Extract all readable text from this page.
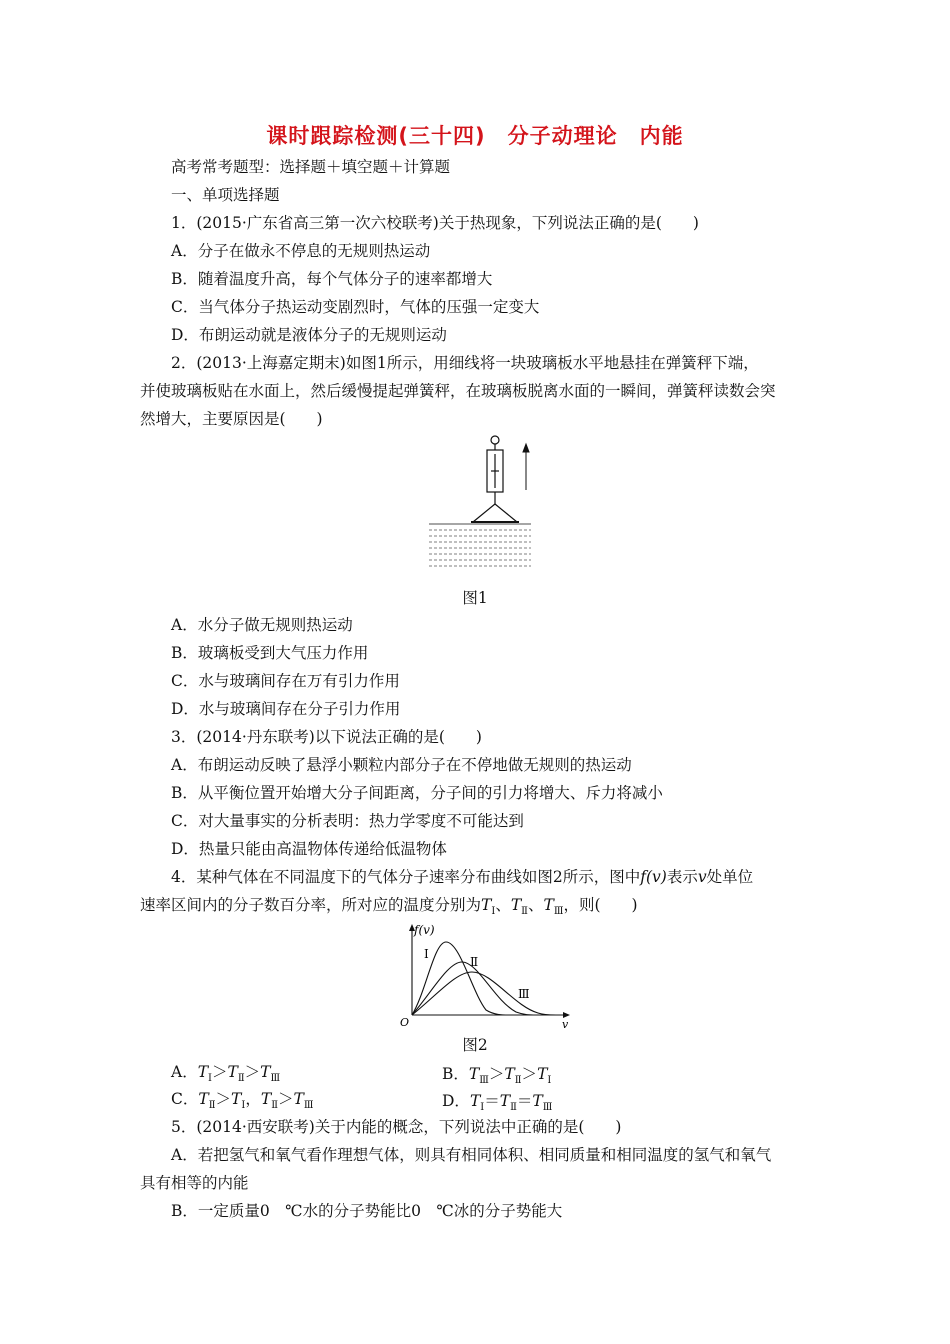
课时跟踪检测(三十四)　分子动理论　内能
高考常考题型：选择题＋填空题＋计算题
一、单项选择题
1．(2015·广东省高三第一次六校联考)关于热现象，下列说法正确的是(　　)
A．分子在做永不停息的无规则热运动
B．随着温度升高，每个气体分子的速率都增大
C．当气体分子热运动变剧烈时，气体的压强一定变大
D．布朗运动就是液体分子的无规则运动
2．(2013·上海嘉定期末)如图1所示，用细线将一块玻璃板水平地悬挂在弹簧秤下端，
并使玻璃板贴在水面上，然后缓慢提起弹簧秤，在玻璃板脱离水面的一瞬间，弹簧秤读数会突
然增大，主要原因是(　　)
图1
A．水分子做无规则热运动
B．玻璃板受到大气压力作用
C．水与玻璃间存在万有引力作用
D．水与玻璃间存在分子引力作用
3．(2014·丹东联考)以下说法正确的是(　　)
A．布朗运动反映了悬浮小颗粒内部分子在不停地做无规则的热运动
B．从平衡位置开始增大分子间距离，分子间的引力将增大、斥力将减小
C．对大量事实的分析表明：热力学零度不可能达到
D．热量只能由高温物体传递给低温物体
4．某种气体在不同温度下的气体分子速率分布曲线如图2所示，图中f(v)表示v处单位
速率区间内的分子数百分率，所对应的温度分别为$T_Ⅰ$、$T_Ⅱ$、$T_Ⅲ$，则(　　)
f(v)
O	v
Ⅰ
Ⅱ
Ⅲ
图2
A．$T_Ⅰ>T_Ⅱ>T_Ⅲ$	B．$T_Ⅲ>T_Ⅱ>T_Ⅰ$
C．$T_Ⅱ>T_Ⅰ$，$T_Ⅱ>T_Ⅲ$	D．$T_Ⅰ=T_Ⅱ=T_Ⅲ$
5．(2014·西安联考)关于内能的概念，下列说法中正确的是(　　)
A．若把氢气和氧气看作理想气体，则具有相同体积、相同质量和相同温度的氢气和氧气
具有相等的内能
B．一定质量0　℃水的分子势能比0　℃冰的分子势能大
